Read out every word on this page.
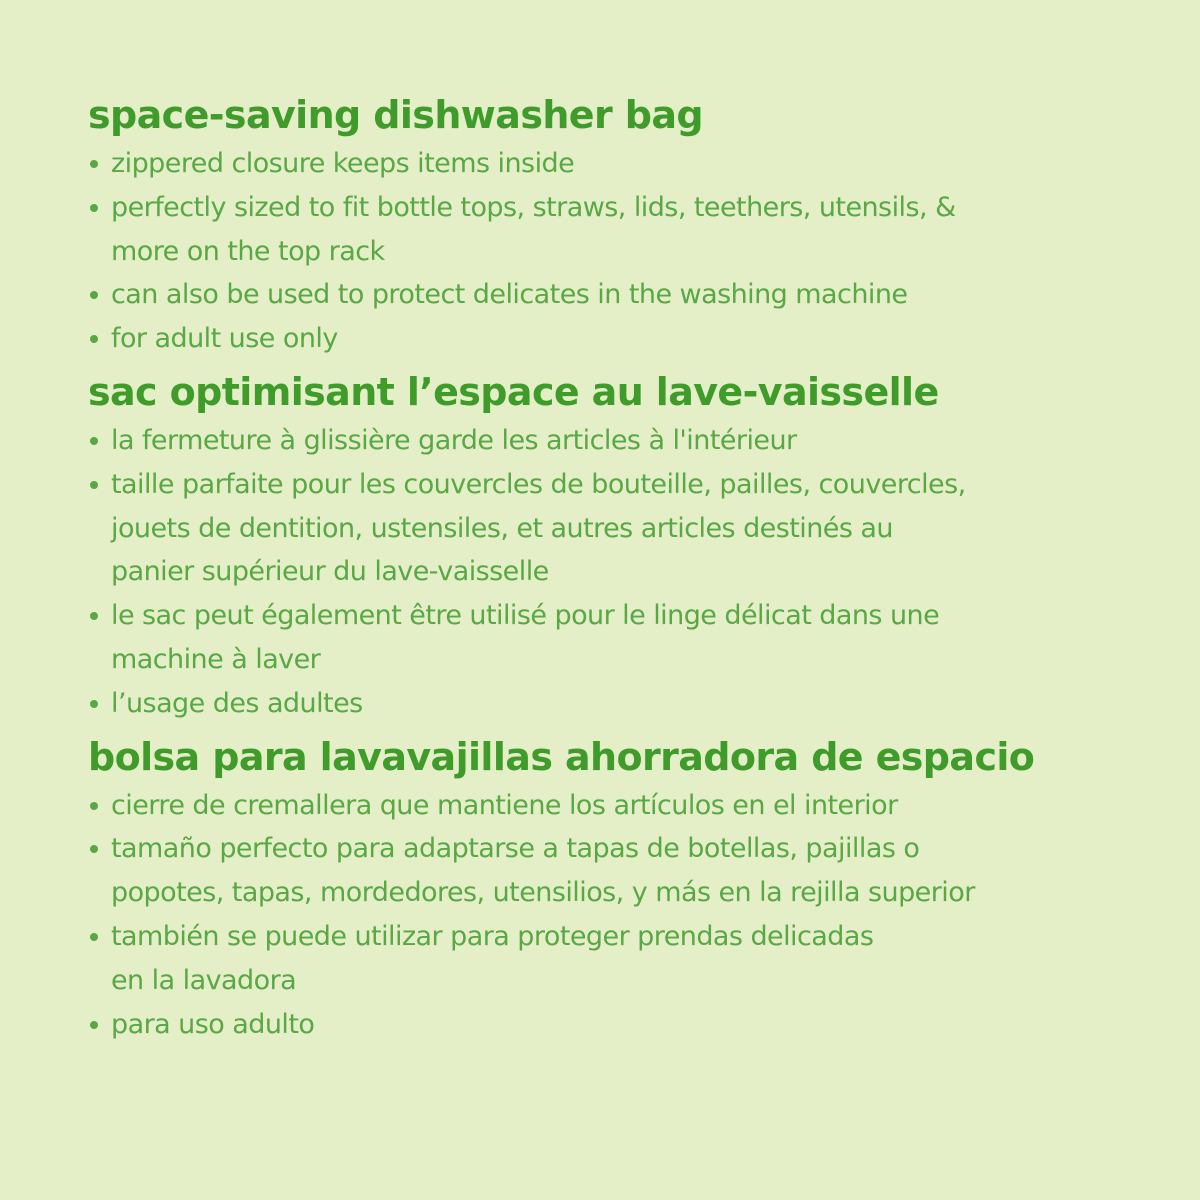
space-saving dishwasher bag
zippered closure keeps items inside
perfectly sized to fit bottle tops, straws, lids, teethers, utensils, &
more on the top rack
can also be used to protect delicates in the washing machine
for adult use only
sac optimisant l’espace au lave-vaisselle
la fermeture à glissière garde les articles à l'intérieur
taille parfaite pour les couvercles de bouteille, pailles, couvercles,
jouets de dentition, ustensiles, et autres articles destinés au
panier supérieur du lave-vaisselle
le sac peut également être utilisé pour le linge délicat dans une
machine à laver
l’usage des adultes
bolsa para lavavajillas ahorradora de espacio
cierre de cremallera que mantiene los artículos en el interior
tamaño perfecto para adaptarse a tapas de botellas, pajillas o
popotes, tapas, mordedores, utensilios, y más en la rejilla superior
también se puede utilizar para proteger prendas delicadas
en la lavadora
para uso adulto
